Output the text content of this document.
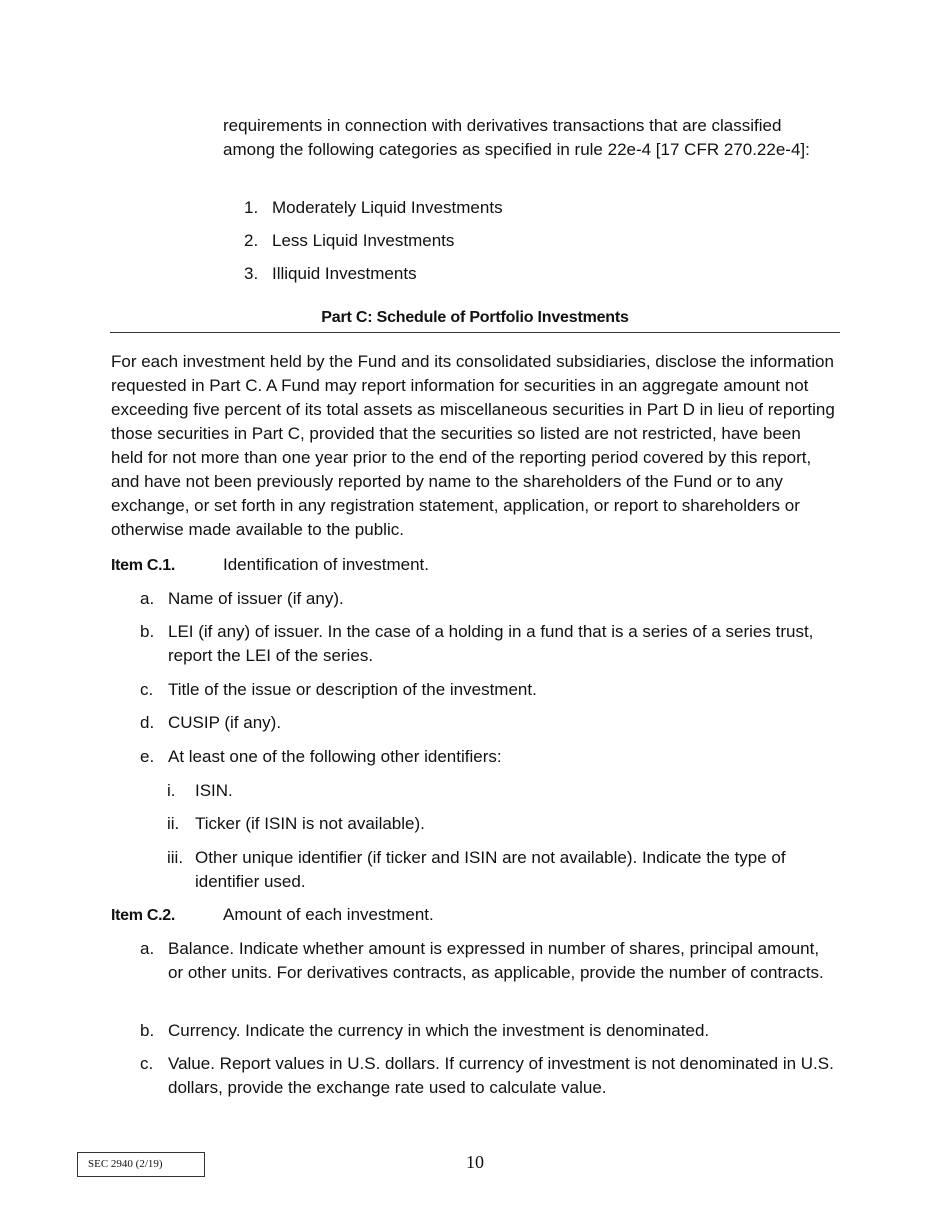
requirements in connection with derivatives transactions that are classified among the following categories as specified in rule 22e-4 [17 CFR 270.22e-4]:

1. Moderately Liquid Investments
2. Less Liquid Investments
3. Illiquid Investments
Part C: Schedule of Portfolio Investments

For each investment held by the Fund and its consolidated subsidiaries, disclose the information requested in Part C. A Fund may report information for securities in an aggregate amount not exceeding five percent of its total assets as miscellaneous securities in Part D in lieu of reporting those securities in Part C, provided that the securities so listed are not restricted, have been held for not more than one year prior to the end of the reporting period covered by this report, and have not been previously reported by name to the shareholders of the Fund or to any exchange, or set forth in any registration statement, application, or report to shareholders or otherwise made available to the public.

Item C.1.	Identification of investment.
a. Name of issuer (if any).
b. LEI (if any) of issuer. In the case of a holding in a fund that is a series of a series trust, report the LEI of the series.
c. Title of the issue or description of the investment.
d. CUSIP (if any).
e. At least one of the following other identifiers:
i.	ISIN.
ii. Ticker (if ISIN is not available).
iii. Other unique identifier (if ticker and ISIN are not available). Indicate the type of identifier used.
Item C.2.	Amount of each investment.
a. Balance. Indicate whether amount is expressed in number of shares, principal amount, or other units. For derivatives contracts, as applicable, provide the number of contracts.
b. Currency. Indicate the currency in which the investment is denominated.
c. Value. Report values in U.S. dollars. If currency of investment is not denominated in U.S. dollars, provide the exchange rate used to calculate value.
SEC 2940 (2/19)	10
